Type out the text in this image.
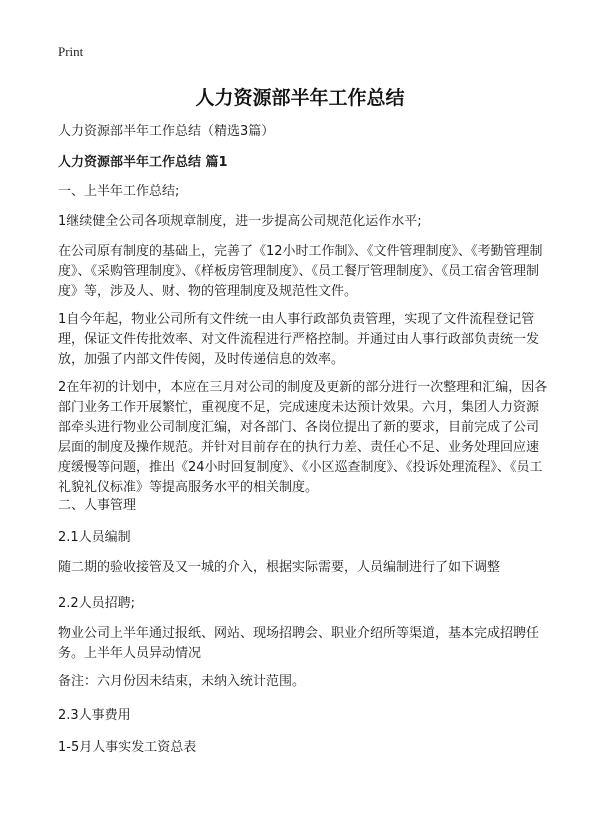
Print
人力资源部半年工作总结
人力资源部半年工作总结（精选3篇）
人力资源部半年工作总结 篇1

一、上半年工作总结;

1继续健全公司各项规章制度，进一步提高公司规范化运作水平;

在公司原有制度的基础上，完善了《12小时工作制》、《文件管理制度》、《考勤管理制度》、《采购管理制度》、《样板房管理制度》、《员工餐厅管理制度》、《员工宿舍管理制度》等，涉及人、财、物的管理制度及规范性文件。

1自今年起，物业公司所有文件统一由人事行政部负责管理，实现了文件流程登记管理，保证文件传批效率、对文件流程进行严格控制。并通过由人事行政部负责统一发放，加强了内部文件传阅，及时传递信息的效率。

2在年初的计划中，本应在三月对公司的制度及更新的部分进行一次整理和汇编，因各部门业务工作开展繁忙，重视度不足，完成速度未达预计效果。六月，集团人力资源部牵头进行物业公司制度汇编，对各部门、各岗位提出了新的要求，目前完成了公司层面的制度及操作规范。并针对目前存在的执行力差、责任心不足、业务处理回应速度缓慢等问题，推出《24小时回复制度》、《小区巡查制度》、《投诉处理流程》、《员工礼貌礼仪标准》等提高服务水平的相关制度。

二、人事管理

2.1人员编制

随二期的验收接管及又一城的介入，根据实际需要，人员编制进行了如下调整

2.2人员招聘;

物业公司上半年通过报纸、网站、现场招聘会、职业介绍所等渠道，基本完成招聘任务。上半年人员异动情况

备注：六月份因未结束，未纳入统计范围。

2.3人事费用

1-5月人事实发工资总表
